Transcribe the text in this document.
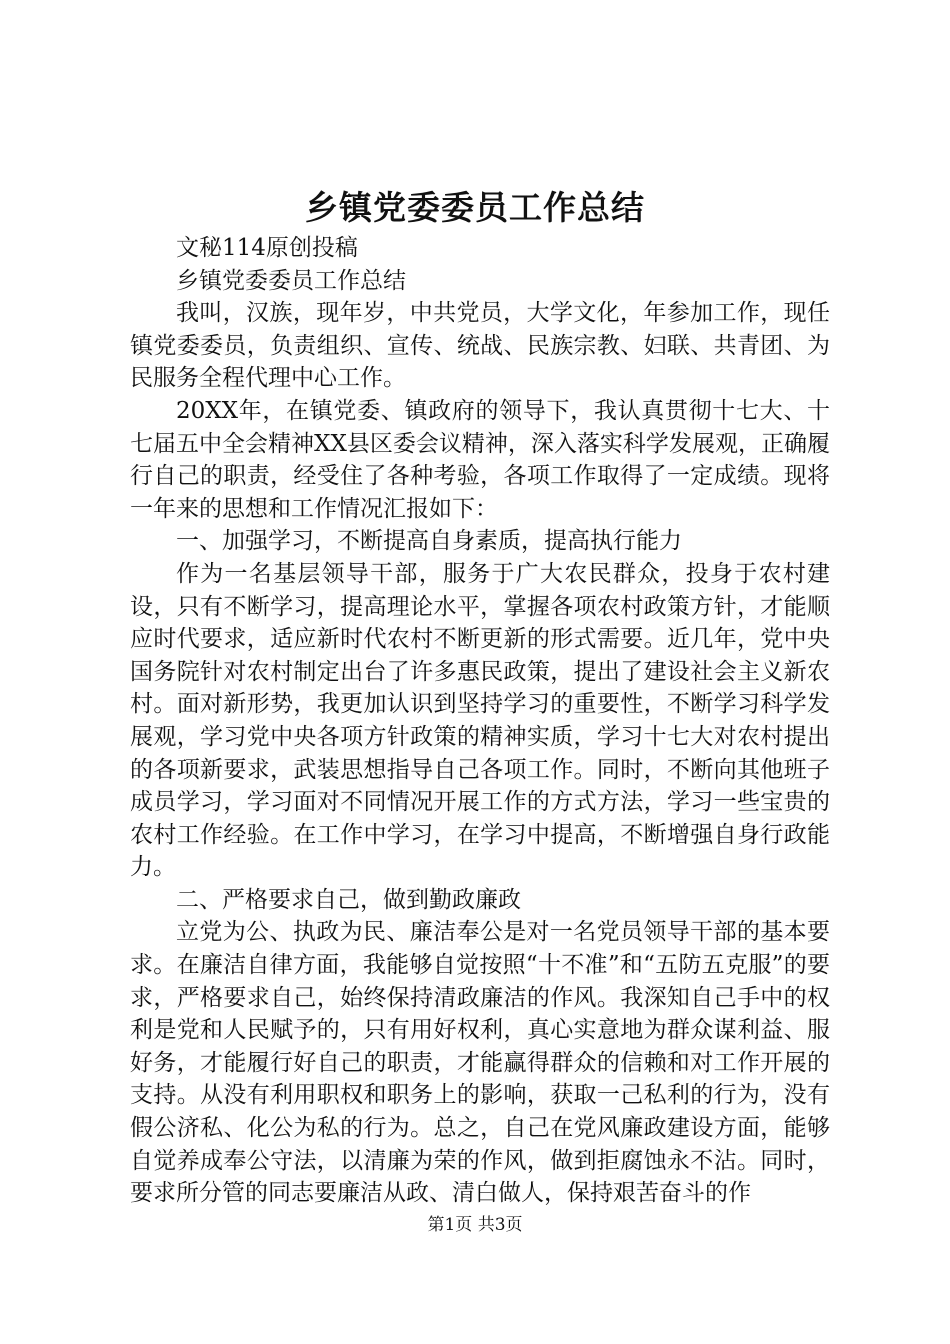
乡镇党委委员工作总结

文秘114原创投稿

乡镇党委委员工作总结

我叫，汉族，现年岁，中共党员，大学文化，年参加工作，现任镇党委委员，负责组织、宣传、统战、民族宗教、妇联、共青团、为民服务全程代理中心工作。

20XX年，在镇党委、镇政府的领导下，我认真贯彻十七大、十七届五中全会精神XX县区委会议精神，深入落实科学发展观，正确履行自己的职责，经受住了各种考验，各项工作取得了一定成绩。现将一年来的思想和工作情况汇报如下：

一、加强学习，不断提高自身素质，提高执行能力

作为一名基层领导干部，服务于广大农民群众，投身于农村建设，只有不断学习，提高理论水平，掌握各项农村政策方针，才能顺应时代要求，适应新时代农村不断更新的形式需要。近几年，党中央国务院针对农村制定出台了许多惠民政策，提出了建设社会主义新农村。面对新形势，我更加认识到坚持学习的重要性，不断学习科学发展观，学习党中央各项方针政策的精神实质，学习十七大对农村提出的各项新要求，武装思想指导自己各项工作。同时，不断向其他班子成员学习，学习面对不同情况开展工作的方式方法，学习一些宝贵的农村工作经验。在工作中学习，在学习中提高，不断增强自身行政能力。

二、严格要求自己，做到勤政廉政

立党为公、执政为民、廉洁奉公是对一名党员领导干部的基本要求。在廉洁自律方面，我能够自觉按照“十不准”和“五防五克服”的要求，严格要求自己，始终保持清政廉洁的作风。我深知自己手中的权利是党和人民赋予的，只有用好权利，真心实意地为群众谋利益、服好务，才能履行好自己的职责，才能赢得群众的信赖和对工作开展的支持。从没有利用职权和职务上的影响，获取一己私利的行为，没有假公济私、化公为私的行为。总之，自己在党风廉政建设方面，能够自觉养成奉公守法，以清廉为荣的作风，做到拒腐蚀永不沾。同时，要求所分管的同志要廉洁从政、清白做人，保持艰苦奋斗的作

第1页 共3页
